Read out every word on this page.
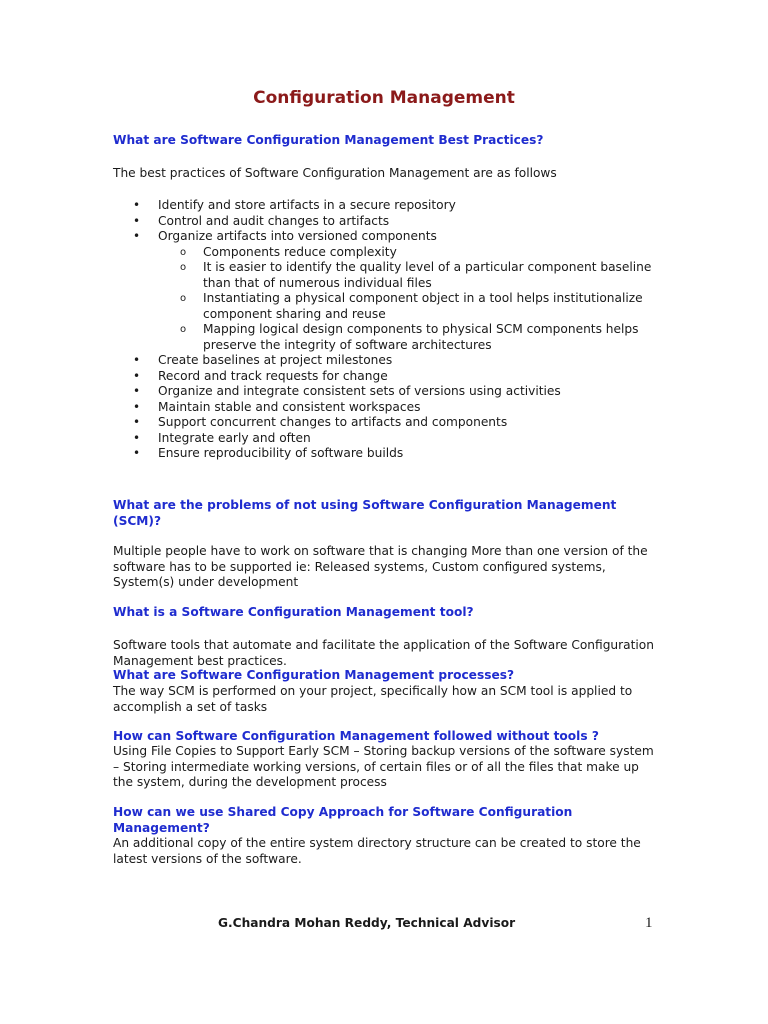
Configuration Management

What are Software Configuration Management Best Practices?

The best practices of Software Configuration Management are as follows

• Identify and store artifacts in a secure repository
• Control and audit changes to artifacts
• Organize artifacts into versioned components
o Components reduce complexity
o It is easier to identify the quality level of a particular component baseline than that of numerous individual files
o Instantiating a physical component object in a tool helps institutionalize component sharing and reuse
o Mapping logical design components to physical SCM components helps preserve the integrity of software architectures
• Create baselines at project milestones
• Record and track requests for change
• Organize and integrate consistent sets of versions using activities
• Maintain stable and consistent workspaces
• Support concurrent changes to artifacts and components
• Integrate early and often
• Ensure reproducibility of software builds

What are the problems of not using Software Configuration Management (SCM)?

Multiple people have to work on software that is changing More than one version of the software has to be supported ie: Released systems, Custom configured systems, System(s) under development

What is a Software Configuration Management tool?

Software tools that automate and facilitate the application of the Software Configuration Management best practices.

What are Software Configuration Management processes?

The way SCM is performed on your project, specifically how an SCM tool is applied to accomplish a set of tasks

How can Software Configuration Management followed without tools ?

Using File Copies to Support Early SCM – Storing backup versions of the software system – Storing intermediate working versions, of certain files or of all the files that make up the system, during the development process

How can we use Shared Copy Approach for Software Configuration Management?

An additional copy of the entire system directory structure can be created to store the latest versions of the software.

G.Chandra Mohan Reddy, Technical Advisor	1
